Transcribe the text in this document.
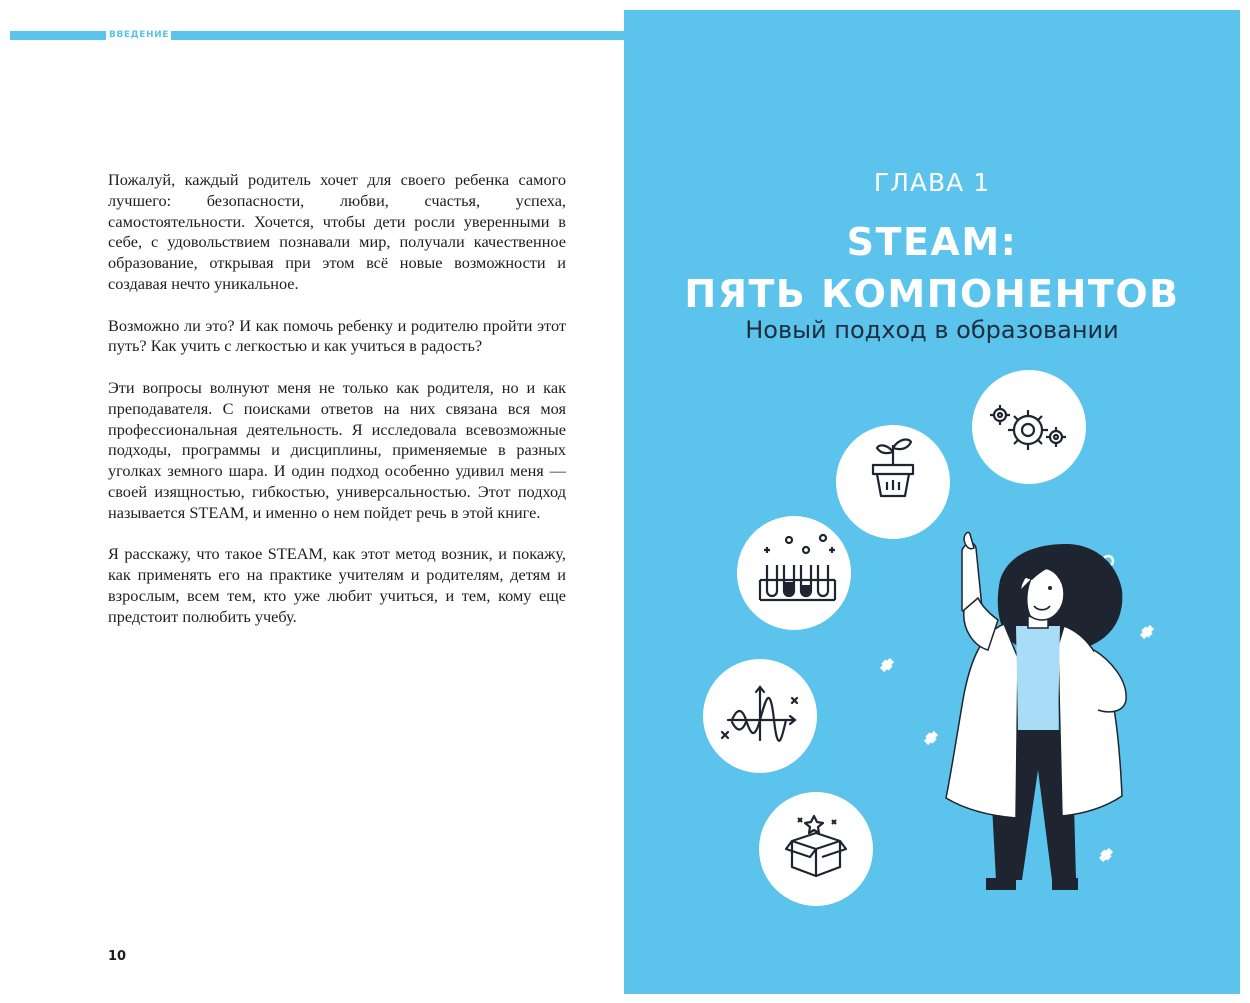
ВВЕДЕНИЕ

Пожалуй, каждый родитель хочет для своего ребенка самого лучшего: безопасности, любви, счастья, успеха, самостоятельности. Хочется, чтобы дети росли уверенными в себе, с удовольствием познавали мир, получали качественное образование, открывая при этом всё новые возможности и создавая нечто уникальное.

Возможно ли это? И как помочь ребенку и родителю пройти этот путь? Как учить с легкостью и как учиться в радость?

Эти вопросы волнуют меня не только как родителя, но и как преподавателя. С поисками ответов на них связана вся моя профессиональная деятельность. Я исследовала всевозможные подходы, программы и дисциплины, применяемые в разных уголках земного шара. И один подход особенно удивил меня — своей изящностью, гибкостью, универсальностью. Этот подход называется STEAM, и именно о нем пойдет речь в этой книге.

Я расскажу, что такое STEAM, как этот метод возник, и покажу, как применять его на практике учителям и родителям, детям и взрослым, всем тем, кто уже любит учиться, и тем, кому еще предстоит полюбить учебу.

10
ГЛАВА 1
STEAM:
ПЯТЬ КОМПОНЕНТОВ
Новый подход в образовании
